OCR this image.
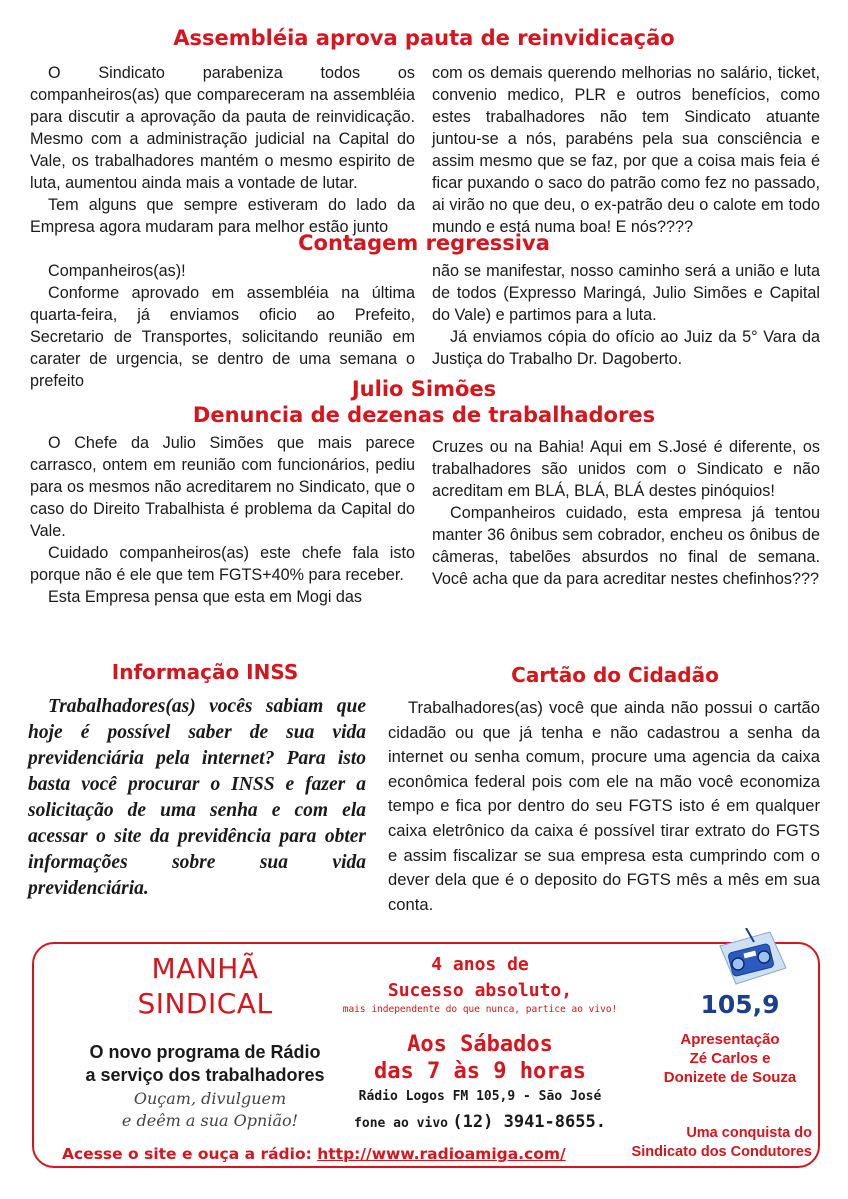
Assembléia aprova pauta de reinvidicação

O Sindicato parabeniza todos os companheiros(as) que compareceram na assembléia para discutir a aprovação da pauta de reinvidicação. Mesmo com a administração judicial na Capital do Vale, os trabalhadores mantém o mesmo espirito de luta, aumentou ainda mais a vontade de lutar.

Tem alguns que sempre estiveram do lado da Empresa agora mudaram para melhor estão junto

com os demais querendo melhorias no salário, ticket, convenio medico, PLR e outros benefícios, como estes trabalhadores não tem Sindicato atuante juntou-se a nós, parabéns pela sua consciência e assim mesmo que se faz, por que a coisa mais feia é ficar puxando o saco do patrão como fez no passado, ai virão no que deu, o ex-patrão deu o calote em todo mundo e está numa boa! E nós????

Contagem regressiva

Companheiros(as)!

Conforme aprovado em assembléia na última quarta-feira, já enviamos oficio ao Prefeito, Secretario de Transportes, solicitando reunião em carater de urgencia, se dentro de uma semana o prefeito

não se manifestar, nosso caminho será a união e luta de todos (Expresso Maringá, Julio Simões e Capital do Vale) e partimos para a luta.

Já enviamos cópia do ofício ao Juiz da 5° Vara da Justiça do Trabalho Dr. Dagoberto.

Julio Simões
Denuncia de dezenas de trabalhadores

O Chefe da Julio Simões que mais parece carrasco, ontem em reunião com funcionários, pediu para os mesmos não acreditarem no Sindicato, que o caso do Direito Trabalhista é problema da Capital do Vale.

Cuidado companheiros(as) este chefe fala isto porque não é ele que tem FGTS+40% para receber.

Esta Empresa pensa que esta em Mogi das

Cruzes ou na Bahia! Aqui em S.José é diferente, os trabalhadores são unidos com o Sindicato e não acreditam em BLÁ, BLÁ, BLÁ destes pinóquios!

Companheiros cuidado, esta empresa já tentou manter 36 ônibus sem cobrador, encheu os ônibus de câmeras, tabelões absurdos no final de semana. Você acha que da para acreditar nestes chefinhos???

Informação INSS

Trabalhadores(as) vocês sabiam que hoje é possível saber de sua vida previdenciária pela internet? Para isto basta você procurar o INSS e fazer a solicitação de uma senha e com ela acessar o site da previdência para obter informações sobre sua vida previdenciária.

Cartão do Cidadão

Trabalhadores(as) você que ainda não possui o cartão cidadão ou que já tenha e não cadastrou a senha da internet ou senha comum, procure uma agencia da caixa econômica federal pois com ele na mão você economiza tempo e fica por dentro do seu FGTS isto é em qualquer caixa eletrônico da caixa é possível tirar extrato do FGTS e assim fiscalizar se sua empresa esta cumprindo com o dever dela que é o deposito do FGTS mês a mês em sua conta.

MANHÃ

SINDICAL

O novo programa de Rádio

a serviço dos trabalhadores

Ouçam, divulguem

e deêm a sua Opnião!

4 anos de

Sucesso absoluto,

mais independente do que nunca, partice ao vivo!

Aos Sábados

das 7 às 9 horas

Rádio Logos FM 105,9 - São José

fone ao vivo (12) 3941-8655.

105,9

Apresentação
Zé Carlos e
Donizete de Souza

Uma conquista do
Sindicato dos Condutores

Acesse o site e ouça a rádio: http://www.radioamiga.com/
